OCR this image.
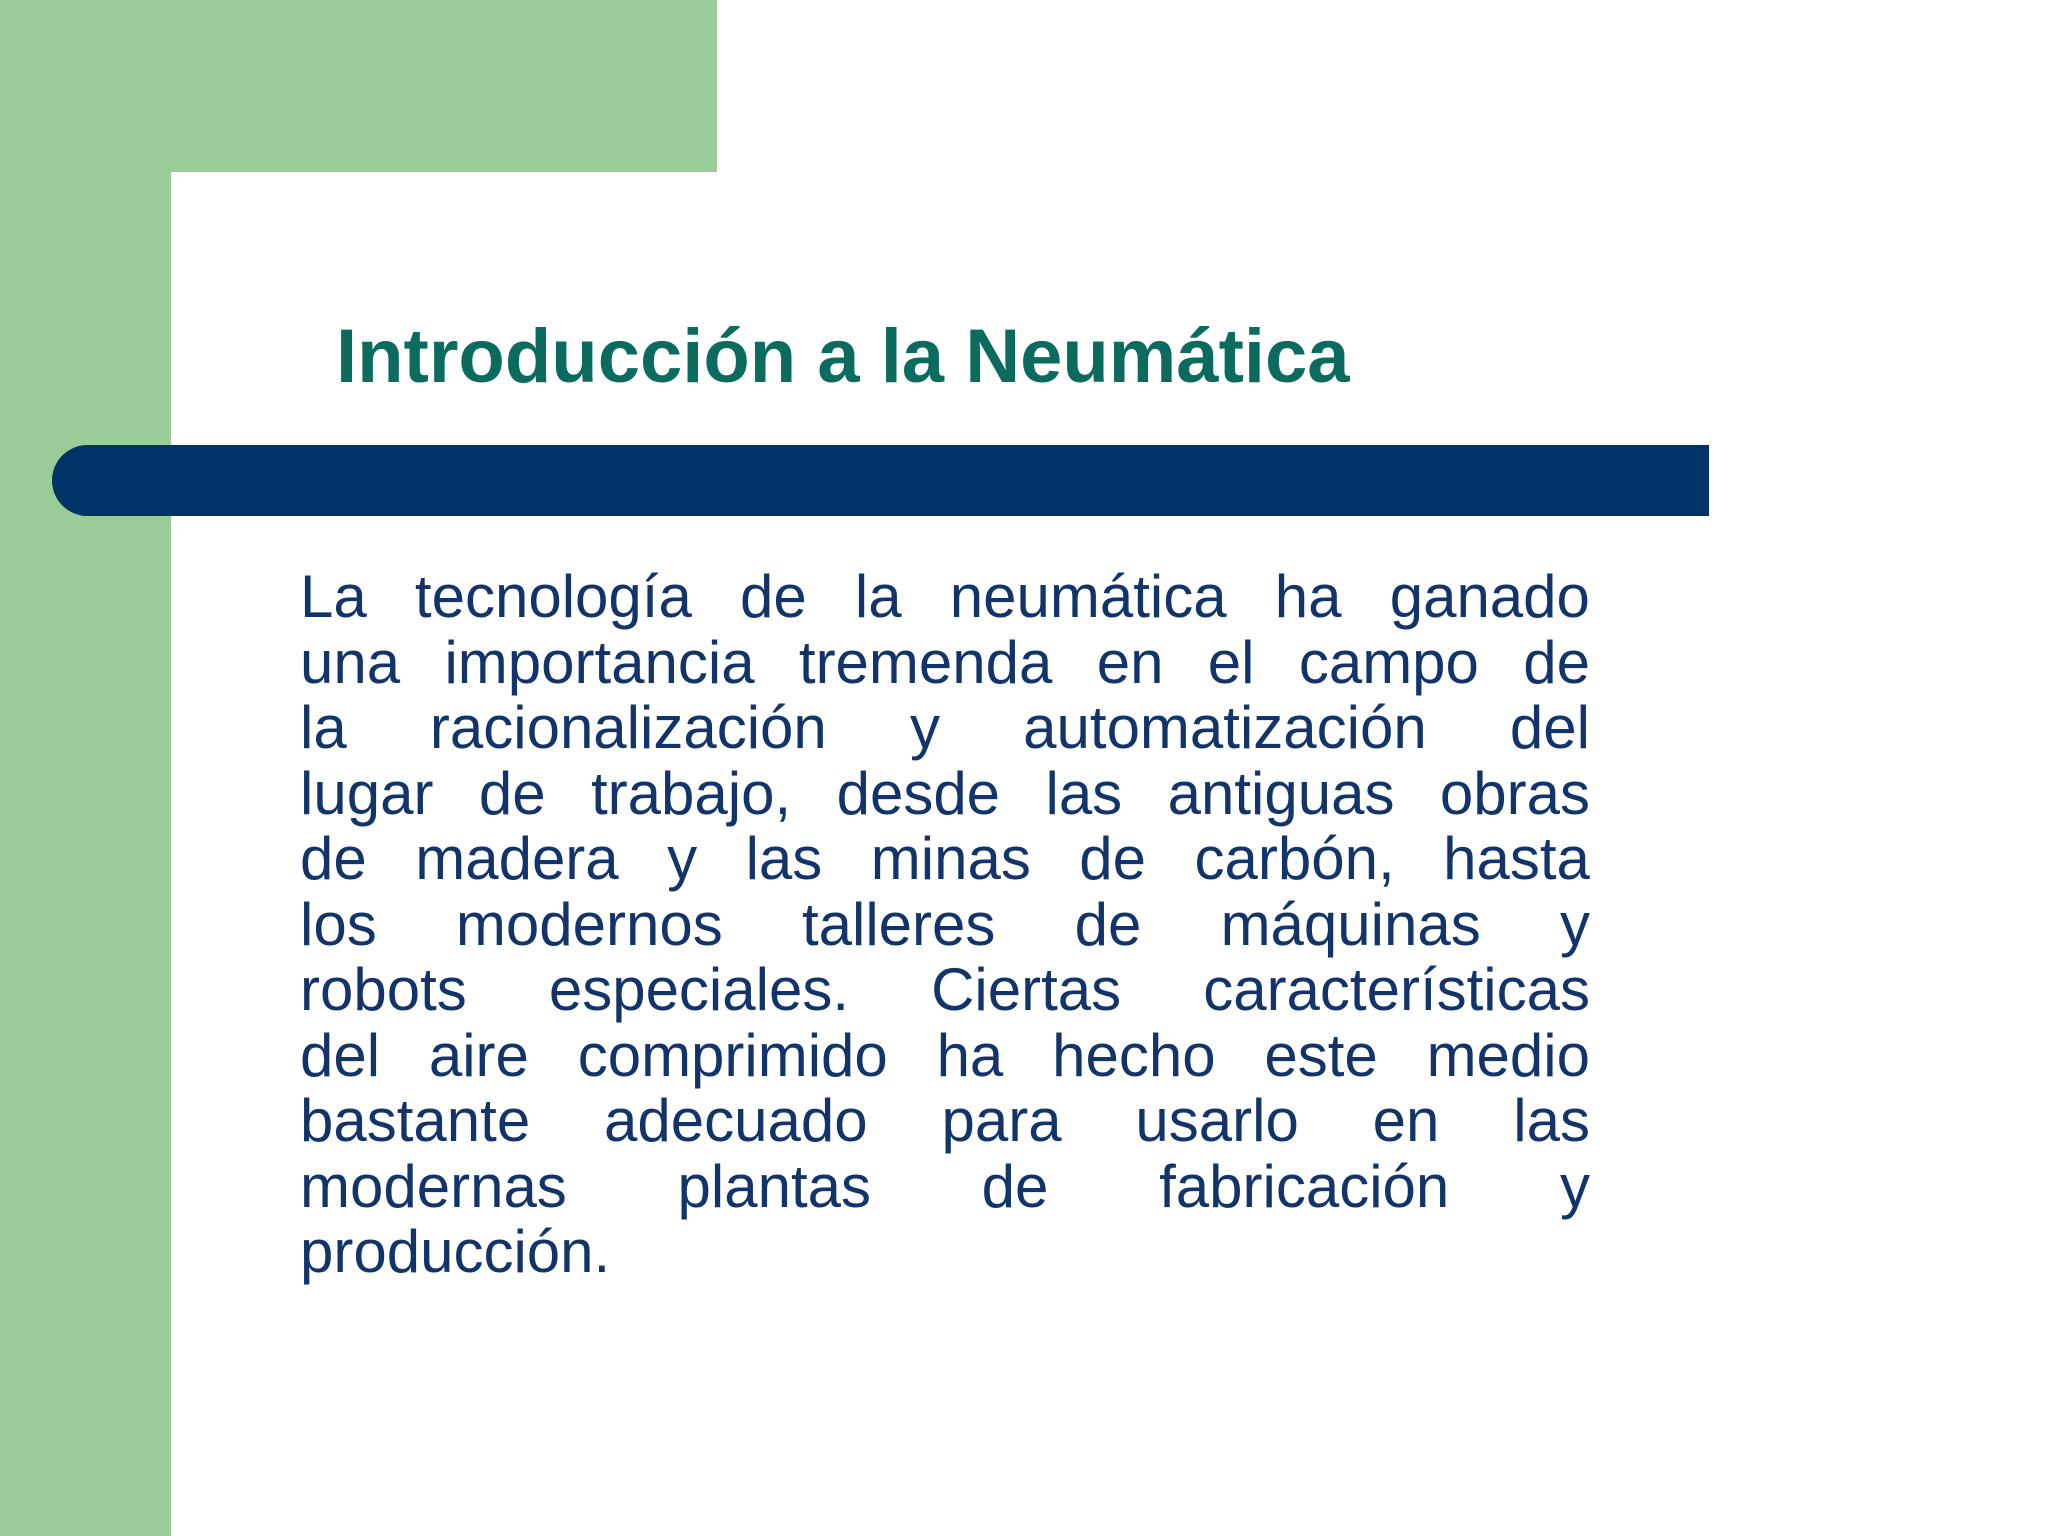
Introducción a la Neumática
La tecnología de la neumática ha ganado
una importancia tremenda en el campo de
la racionalización y automatización del
lugar de trabajo, desde las antiguas obras
de madera y las minas de carbón, hasta
los modernos talleres de máquinas y
robots especiales. Ciertas características
del aire comprimido ha hecho este medio
bastante adecuado para usarlo en las
modernas plantas de fabricación y
producción.
